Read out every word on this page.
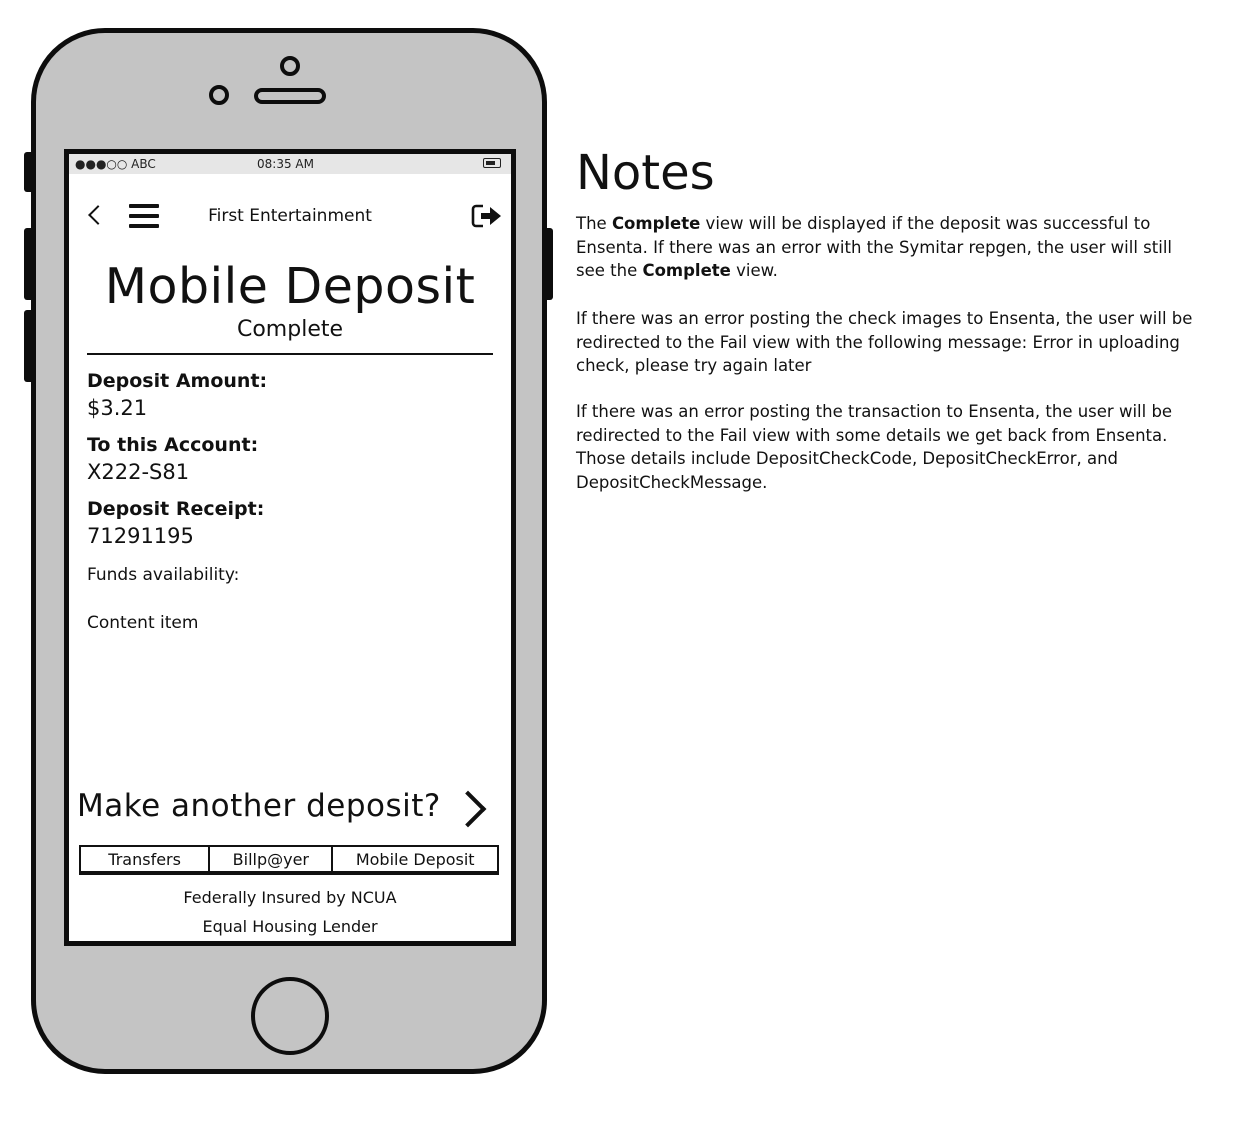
●●●○○ ABC	08:35 AM
First Entertainment
Mobile Deposit
Complete
Deposit Amount:
$3.21
To this Account:
X222-S81
Deposit Receipt:
71291195
Funds availability:
Content item
Make another deposit?
Transfers	Billp@yer	Mobile Deposit
Federally Insured by NCUA
Equal Housing Lender
Notes
The Complete view will be displayed if the deposit was successful to Ensenta. If there was an error with the Symitar repgen, the user will still see the Complete view.
If there was an error posting the check images to Ensenta, the user will be redirected to the Fail view with the following message: Error in uploading check, please try again later
If there was an error posting the transaction to Ensenta, the user will be redirected to the Fail view with some details we get back from Ensenta. Those details include DepositCheckCode, DepositCheckError, and DepositCheckMessage.
